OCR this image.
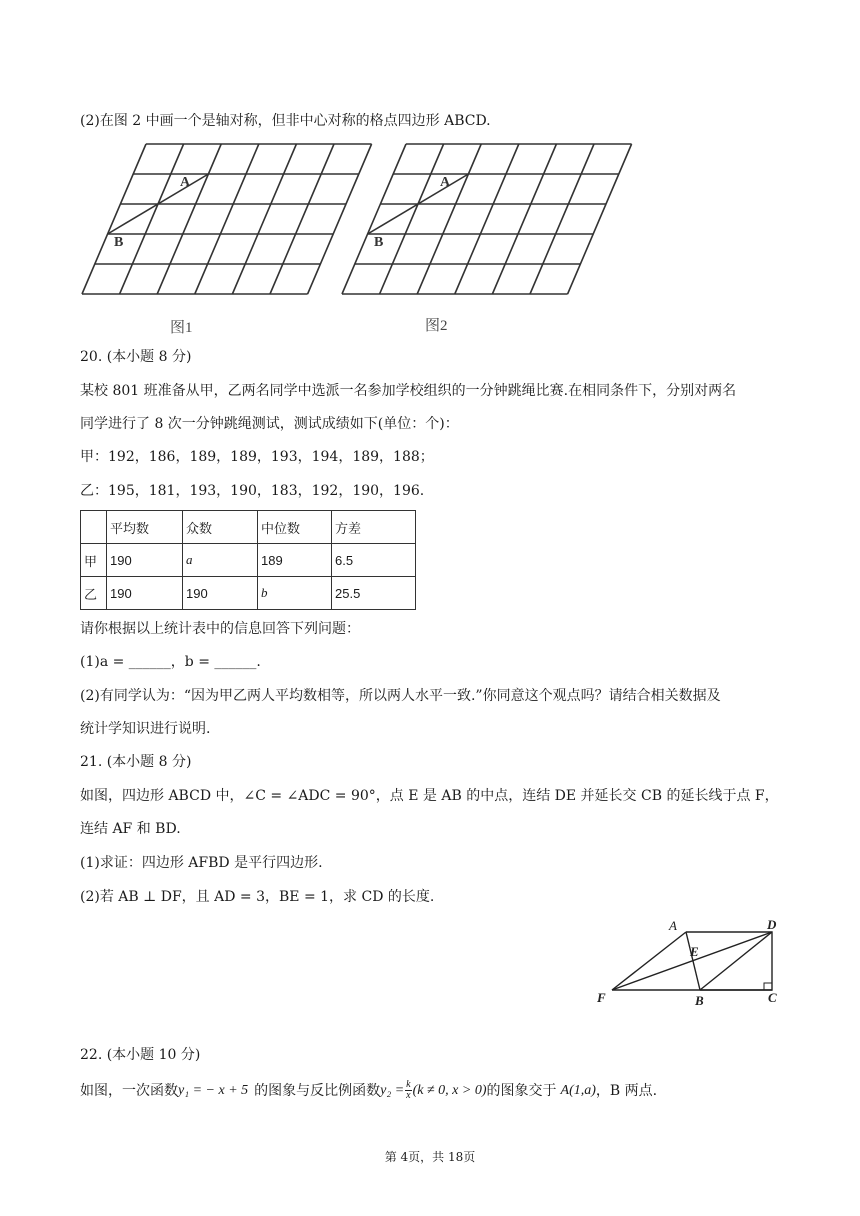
(2)在图 2 中画一个是轴对称，但非中心对称的格点四边形 ABCD.
A
B
A
B
图1	图2
20. (本小题 8 分)
某校 801 班准备从甲，乙两名同学中选派一名参加学校组织的一分钟跳绳比赛.在相同条件下，分别对两名
同学进行了 8 次一分钟跳绳测试，测试成绩如下(单位：个)：
甲：192，186，189，189，193，194，189，188；
乙：195，181，193，190，183，192，190，196.
	平均数	众数	中位数	方差
甲	190	a	189	6.5
乙	190	190	b	25.5
请你根据以上统计表中的信息回答下列问题：
(1)a = ______，b = ______.
(2)有同学认为：“因为甲乙两人平均数相等，所以两人水平一致.”你同意这个观点吗？请结合相关数据及
统计学知识进行说明.
21. (本小题 8 分)
如图，四边形 ABCD 中，∠C = ∠ADC = 90°，点 E 是 AB 的中点，连结 DE 并延长交 CB 的延长线于点 F，
连结 AF 和 BD.
(1)求证：四边形 AFBD 是平行四边形.
(2)若 AB ⊥ DF，且 AD = 3，BE = 1，求 CD 的长度.
A	D
E
F	B	C
22. (本小题 10 分)
如图，一次函数 y₁ = − x + 5 的图象与反比例函数 $y_2 = \frac{k}{x} (k \ne 0$, x > 0) 的图象交于 A(1,a) ，B 两点.
第 4页，共 18页
